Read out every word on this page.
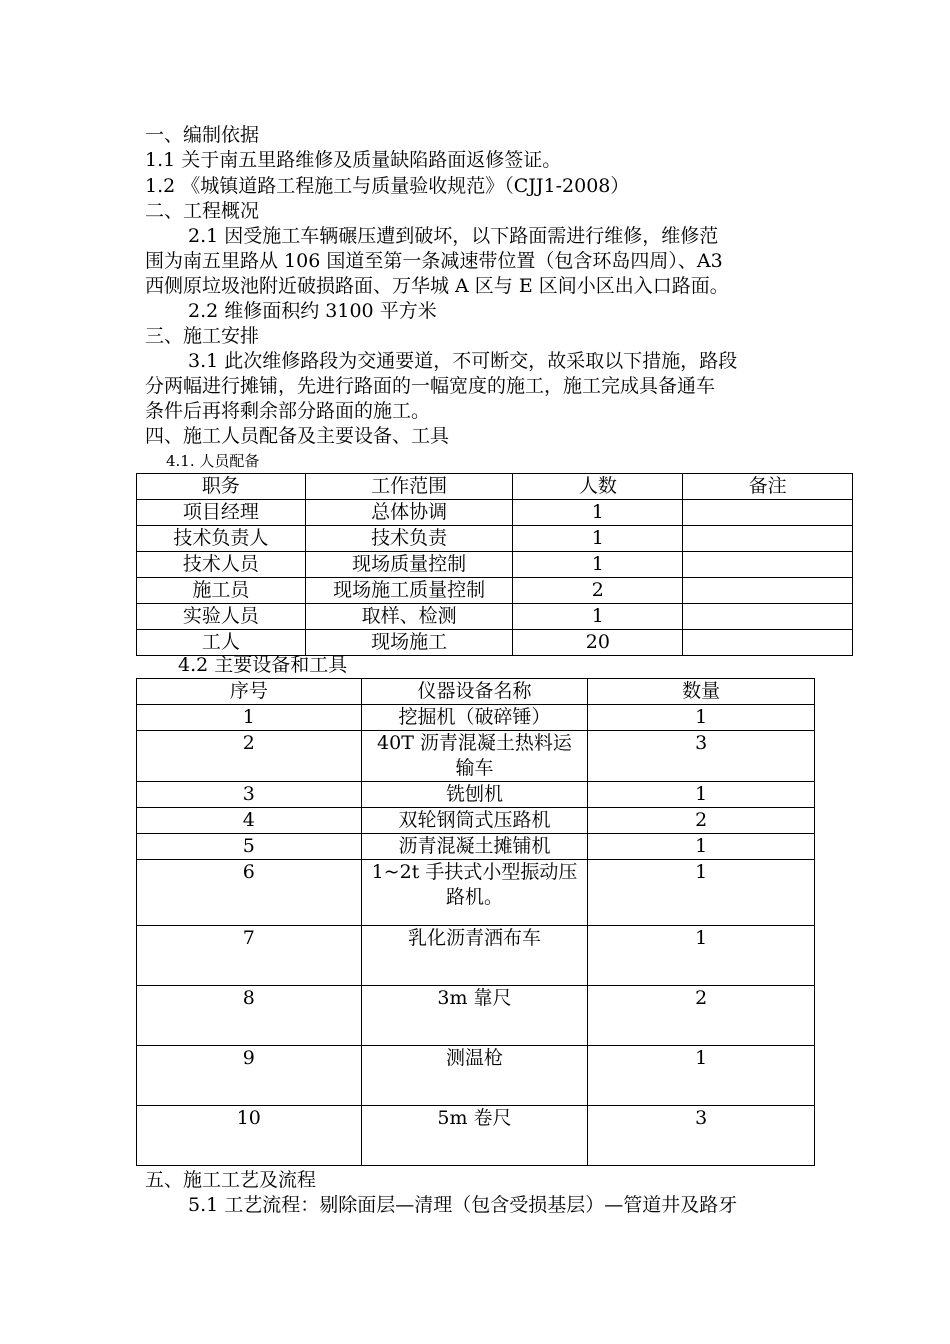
一、编制依据
1.1 关于南五里路维修及质量缺陷路面返修签证。
1.2 《城镇道路工程施工与质量验收规范》（CJJ1-2008）
二、工程概况
2.1 因受施工车辆碾压遭到破坏，以下路面需进行维修，维修范
围为南五里路从 106 国道至第一条减速带位置（包含环岛四周）、A3
西侧原垃圾池附近破损路面、万华城 A 区与 E 区间小区出入口路面。
2.2 维修面积约 3100 平方米
三、施工安排
3.1 此次维修路段为交通要道，不可断交，故采取以下措施，路段
分两幅进行摊铺，先进行路面的一幅宽度的施工，施工完成具备通车
条件后再将剩余部分路面的施工。
四、施工人员配备及主要设备、工具
4.1. 人员配备
职务	工作范围	人数	备注
项目经理	总体协调	1	
技术负责人	技术负责	1	
技术人员	现场质量控制	1	
施工员	现场施工质量控制	2	
实验人员	取样、检测	1	
工人	现场施工	20	
4.2 主要设备和工具
序号	仪器设备名称	数量
1	挖掘机（破碎锤）	1
2	40T 沥青混凝土热料运输车	3
3	铣刨机	1
4	双轮钢筒式压路机	2
5	沥青混凝土摊铺机	1
6	1~2t 手扶式小型振动压路机。	1
7	乳化沥青洒布车	1
8	3m 靠尺	2
9	测温枪	1
10	5m 卷尺	3
五、施工工艺及流程
5.1 工艺流程：剔除面层—清理（包含受损基层）—管道井及路牙
